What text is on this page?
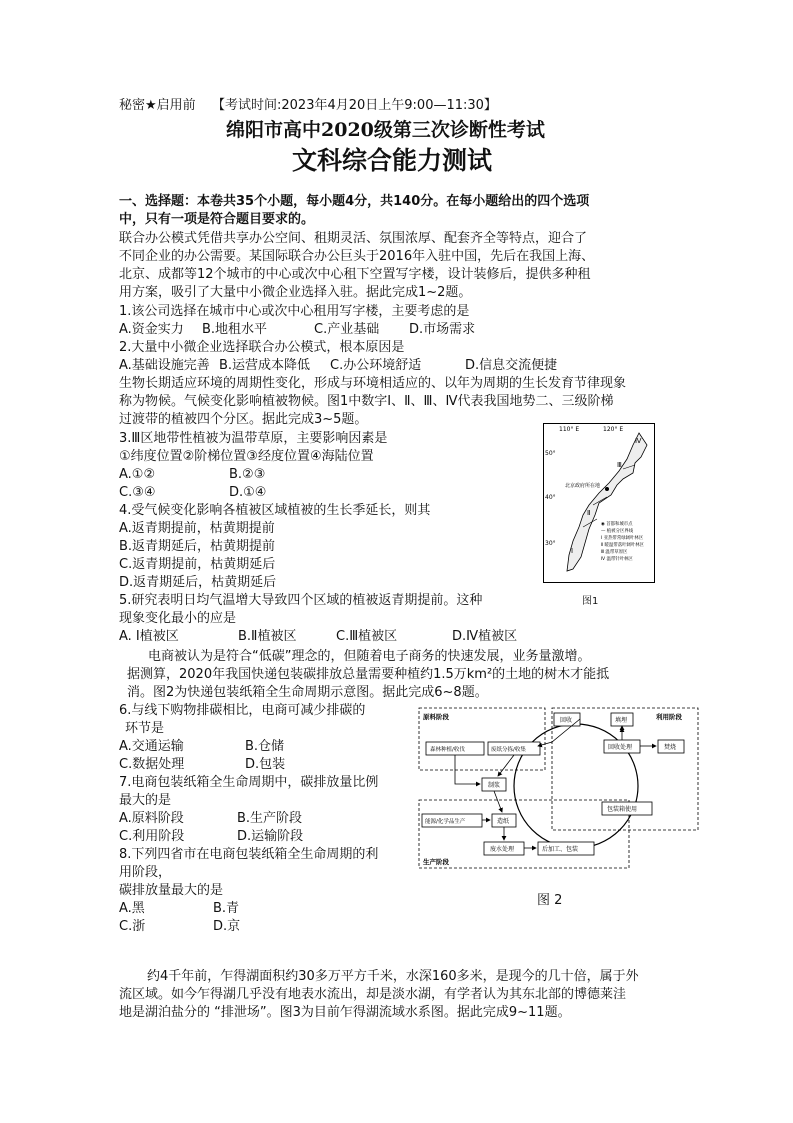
秘密★启用前 【考试时间:2023年4月20日上午9:00—11:30】
绵阳市高中2020级第三次诊断性考试
文科综合能力测试
一、选择题：本卷共35个小题，每小题4分，共140分。在每小题给出的四个选项
中，只有一项是符合题目要求的。
联合办公模式凭借共享办公空间、租期灵活、氛围浓厚、配套齐全等特点，迎合了
不同企业的办公需要。某国际联合办公巨头于2016年入驻中国，先后在我国上海、
北京、成都等12个城市的中心或次中心租下空置写字楼，设计装修后，提供多种租
用方案，吸引了大量中小微企业选择入驻。据此完成1~2题。
1.该公司选择在城市中心或次中心租用写字楼，主要考虑的是
A.资金实力 B.地租水平	C.产业基础 D.市场需求
2.大量中小微企业选择联合办公模式，根本原因是
A.基础设施完善 B.运营成本降低 C.办公环境舒适	D.信息交流便捷
生物长期适应环境的周期性变化，形成与环境相适应的、以年为周期的生长发育节律现象
称为物候。气候变化影响植被物候。图1中数字Ⅰ、Ⅱ、Ⅲ、Ⅳ代表我国地势二、三级阶梯
过渡带的植被四个分区。据此完成3~5题。
3.Ⅲ区地带性植被为温带草原，主要影响因素是
①纬度位置②阶梯位置③经度位置④海陆位置
A.①②	B.②③
C.③④	D.①④
4.受气候变化影响各植被区域植被的生长季延长，则其
A.返青期提前，枯黄期提前
B.返青期延后，枯黄期提前
C.返青期提前，枯黄期延后
D.返青期延后，枯黄期延后
5.研究表明日均气温增大导致四个区域的植被返青期提前。这种
现象变化最小的应是
A. Ⅰ植被区	B.Ⅱ植被区	C.Ⅲ植被区	D.Ⅳ植被区
110° E	120° E
50°
40°
30°
北京政府所在地
Ⅰ
Ⅱ
Ⅲ
Ⅳ
◉ 首都和城市点
— 植被分区界线
Ⅰ 亚热带常绿阔叶林区
Ⅱ 暖温带落叶阔叶林区
Ⅲ 温带草原区
Ⅳ 温带针叶林区
图1
电商被认为是符合“低碳”理念的，但随着电子商务的快速发展，业务量激增。
据测算，2020年我国快递包装碳排放总量需要种植约1.5万km²的土地的树木才能抵
消。图2为快递包装纸箱全生命周期示意图。据此完成6~8题。
6.与线下购物排碳相比，电商可减少排碳的
环节是
A.交通运输	B.仓储
C.数据处理	D.包装
7.电商包装纸箱全生命周期中，碳排放量比例
最大的是
A.原料阶段	B.生产阶段
C.利用阶段	D.运输阶段
8.下列四省市在电商包装纸箱全生命周期的利
用阶段，
碳排放量最大的是
A.黑	B.青
C.浙	D.京
原料阶段	利用阶段
生产阶段
森林种植/收伐	废纸分拣/收集
回收	填埋
回收处理	焚烧
包装箱使用
制浆
能源/化学品生产	造纸
废水处理	后加工、包装
图 2
约4千年前，乍得湖面积约30多万平方千米，水深160多米，是现今的几十倍，属于外
流区域。如今乍得湖几乎没有地表水流出，却是淡水湖，有学者认为其东北部的博德莱洼
地是湖泊盐分的 “排泄场”。图3为目前乍得湖流域水系图。据此完成9~11题。
